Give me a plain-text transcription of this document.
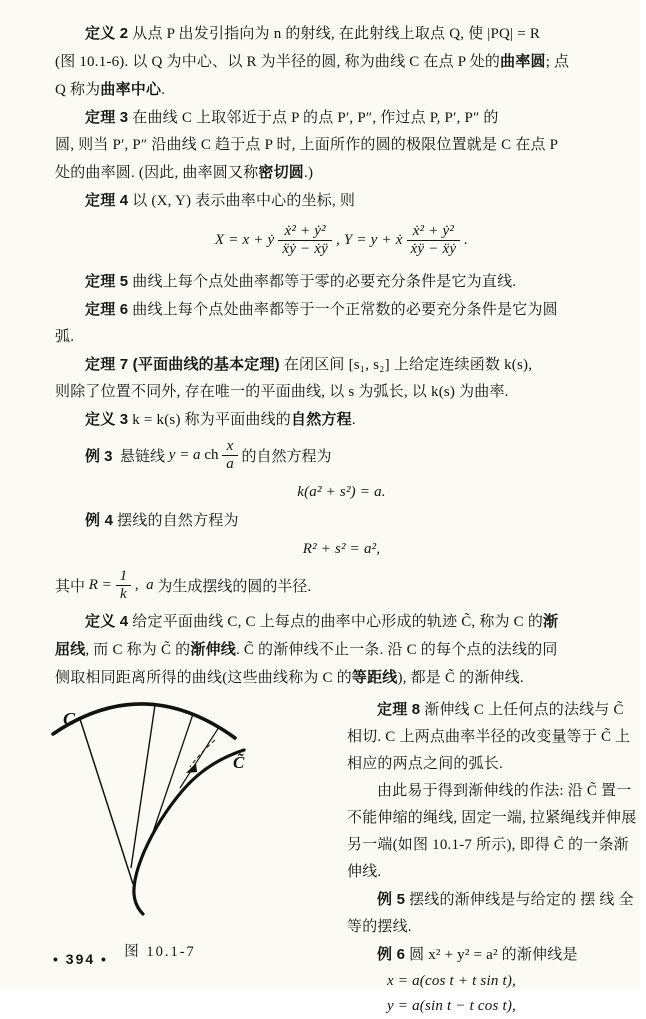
定义 2 从点 P 出发引指向为 n 的射线, 在此射线上取点 Q, 使 |PQ| = R
(图 10.1-6). 以 Q 为中心、以 R 为半径的圆, 称为曲线 C 在点 P 处的曲率圆; 点
Q 称为曲率中心.
定理 3 在曲线 C 上取邻近于点 P 的点 P′, P″, 作过点 P, P′, P″ 的
圆, 则当 P′, P″ 沿曲线 C 趋于点 P 时, 上面所作的圆的极限位置就是 C 在点 P
处的曲率圆. (因此, 曲率圆又称密切圆.)
定理 4 以 (X, Y) 表示曲率中心的坐标, 则
X = x + ẏ $\frac{\text{ẋ² + ẏ²}}{\text{ẍẏ − ẋÿ}}$ , Y = y + ẋ $\frac{\text{ẋ² + ẏ²}}{\text{ẋÿ − ẍẏ}}$ .
定理 5 曲线上每个点处曲率都等于零的必要充分条件是它为直线.
定理 6 曲线上每个点处曲率都等于一个正常数的必要充分条件是它为圆
弧.
定理 7 (平面曲线的基本定理) 在闭区间 [s₁, s₂] 上给定连续函数 k(s),
则除了位置不同外, 存在唯一的平面曲线, 以 s 为弧长, 以 k(s) 为曲率.
定义 3 k = k(s) 称为平面曲线的自然方程.
例 3 悬链线 y = a ch $\frac{x}{a}$ 的自然方程为
k(a² + s²) = a.
例 4 摆线的自然方程为
R² + s² = a²,
其中 $R = \frac{1}{k}$ , a 为生成摆线的圆的半径.
定义 4 给定平面曲线 C, C 上每点的曲率中心形成的轨迹 C̃, 称为 C 的渐
屈线, 而 C 称为 C̃ 的渐伸线. C̃ 的渐伸线不止一条. 沿 C 的每个点的法线的同
侧取相同距离所得的曲线(这些曲线称为 C 的等距线), 都是 C̃ 的渐伸线.
C
C̃
图 10.1-7
定理 8 渐伸线 C 上任何点的法线与 C̃
相切. C 上两点曲率半径的改变量等于 C̃ 上
相应的两点之间的弧长.
由此易于得到渐伸线的作法: 沿 C̃ 置一
不能伸缩的绳线, 固定一端, 拉紧绳线并伸展
另一端(如图 10.1-7 所示), 即得 C̃ 的一条渐
伸线.
例 5 摆线的渐伸线是与给定的 摆 线 全
等的摆线.
例 6 圆 x² + y² = a² 的渐伸线是
x = a(cos t + t sin t),
y = a(sin t − t cos t),
• 394 •
